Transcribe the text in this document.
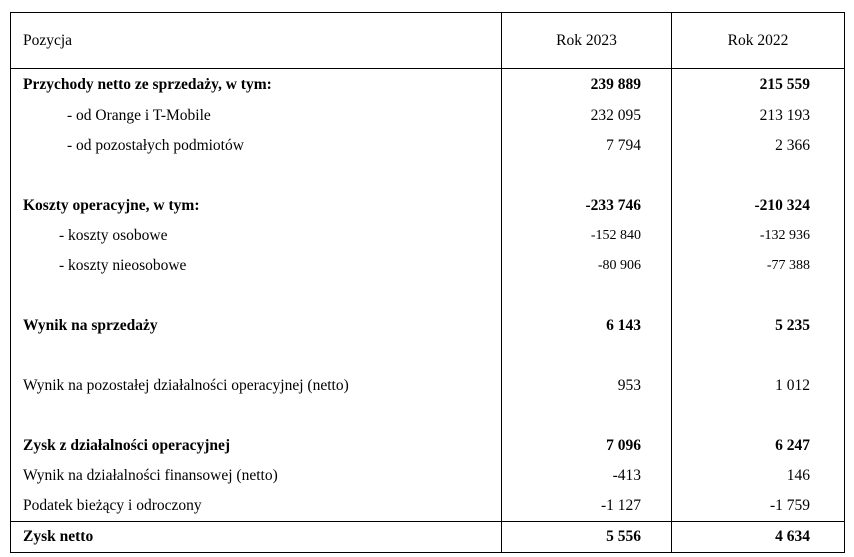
Pozycja	Rok 2023	Rok 2022
Przychody netto ze sprzedaży, w tym:	239 889	215 559
- od Orange i T-Mobile	232 095	213 193
- od pozostałych podmiotów	7 794	2 366

Koszty operacyjne, w tym:	-233 746	-210 324
- koszty osobowe	-152 840	-132 936
- koszty nieosobowe	-80 906	-77 388

Wynik na sprzedaży	6 143	5 235

Wynik na pozostałej działalności operacyjnej (netto)	953	1 012

Zysk z działalności operacyjnej	7 096	6 247
Wynik na działalności finansowej (netto)	-413	146
Podatek bieżący i odroczony	-1 127	-1 759
Zysk netto	5 556	4 634
